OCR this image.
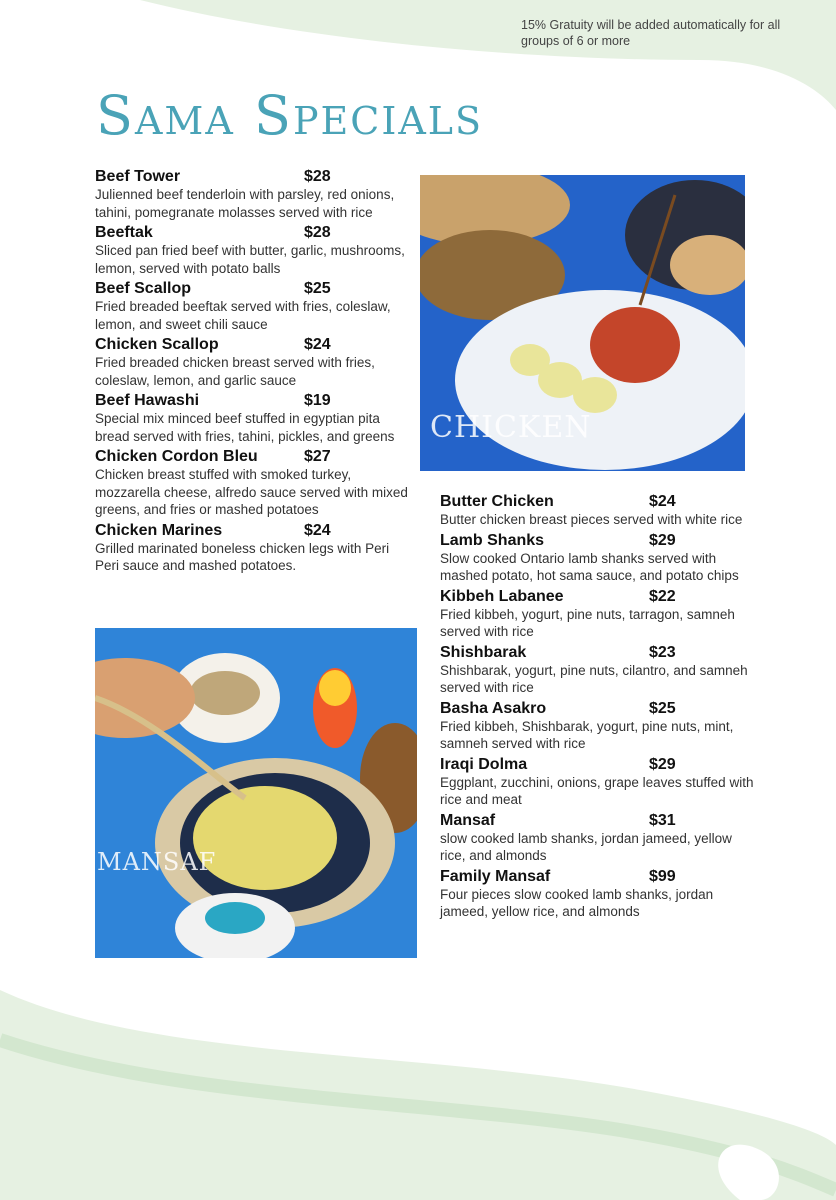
15% Gratuity will be added automatically for all groups of 6 or more
Sama Specials
Beef Tower	$28
Julienned beef tenderloin with parsley, red onions, tahini, pomegranate molasses served with rice
Beeftak	$28
Sliced pan fried beef with butter, garlic, mushrooms, lemon, served with potato balls
Beef Scallop	$25
Fried breaded beeftak served with fries, coleslaw, lemon, and sweet chili sauce
Chicken Scallop	$24
Fried breaded chicken breast served with fries, coleslaw, lemon, and garlic sauce
Beef Hawashi	$19
Special mix minced beef stuffed in egyptian pita bread served with fries, tahini, pickles, and greens
Chicken Cordon Bleu	$27
Chicken breast stuffed with smoked turkey, mozzarella cheese, alfredo sauce served with mixed greens, and fries or mashed potatoes
Chicken Marines	$24
Grilled marinated boneless chicken legs with Peri Peri sauce and mashed potatoes.
CHICKEN
MANSAF
Butter Chicken	$24
Butter chicken breast pieces served with white rice
Lamb Shanks	$29
Slow cooked Ontario lamb shanks served with mashed potato, hot sama sauce, and potato chips
Kibbeh Labanee	$22
Fried kibbeh, yogurt, pine nuts, tarragon, samneh served with rice
Shishbarak	$23
Shishbarak, yogurt, pine nuts, cilantro, and samneh served with rice
Basha Asakro	$25
Fried kibbeh, Shishbarak, yogurt, pine nuts, mint, samneh served with rice
Iraqi Dolma	$29
Eggplant, zucchini, onions, grape leaves stuffed with rice and meat
Mansaf	$31
slow cooked lamb shanks, jordan jameed, yellow rice, and almonds
Family Mansaf	$99
Four pieces slow cooked lamb shanks, jordan jameed, yellow rice, and almonds
